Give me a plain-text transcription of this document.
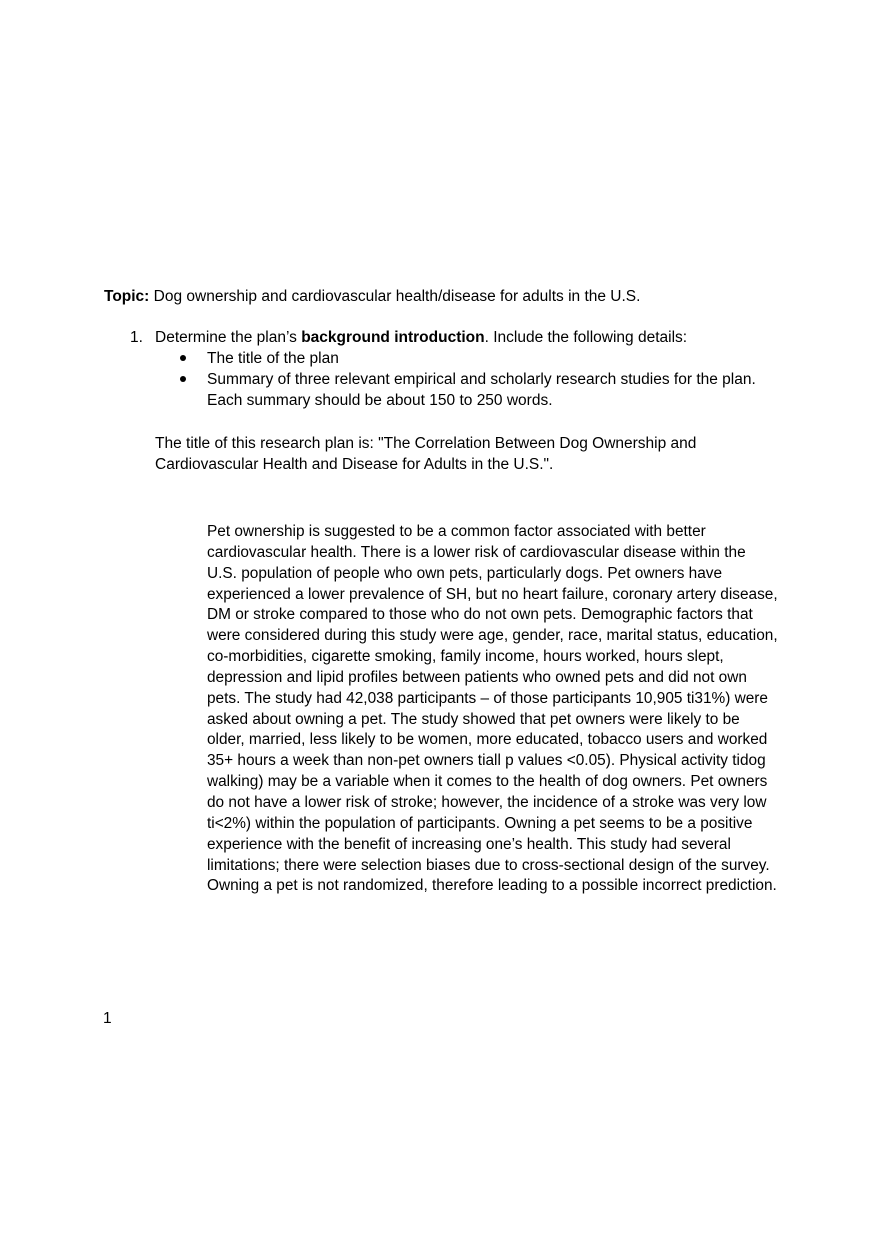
Topic: Dog ownership and cardiovascular health/disease for adults in the U.S.
1. Determine the plan’s background introduction. Include the following details:
The title of the plan
Summary of three relevant empirical and scholarly research studies for the plan. Each summary should be about 150 to 250 words.
The title of this research plan is: "The Correlation Between Dog Ownership and Cardiovascular Health and Disease for Adults in the U.S.".
Pet ownership is suggested to be a common factor associated with better cardiovascular health. There is a lower risk of cardiovascular disease within the U.S. population of people who own pets, particularly dogs. Pet owners have experienced a lower prevalence of SH, but no heart failure, coronary artery disease, DM or stroke compared to those who do not own pets. Demographic factors that were considered during this study were age, gender, race, marital status, education, co-morbidities, cigarette smoking, family income, hours worked, hours slept, depression and lipid profiles between patients who owned pets and did not own pets. The study had 42,038 participants – of those participants 10,905 ti31%) were asked about owning a pet. The study showed that pet owners were likely to be older, married, less likely to be women, more educated, tobacco users and worked 35+ hours a week than non-pet owners tiall p values <0.05). Physical activity tidog walking) may be a variable when it comes to the health of dog owners. Pet owners do not have a lower risk of stroke; however, the incidence of a stroke was very low ti<2%) within the population of participants. Owning a pet seems to be a positive experience with the benefit of increasing one’s health. This study had several limitations; there were selection biases due to cross-sectional design of the survey. Owning a pet is not randomized, therefore leading to a possible incorrect prediction.
1
